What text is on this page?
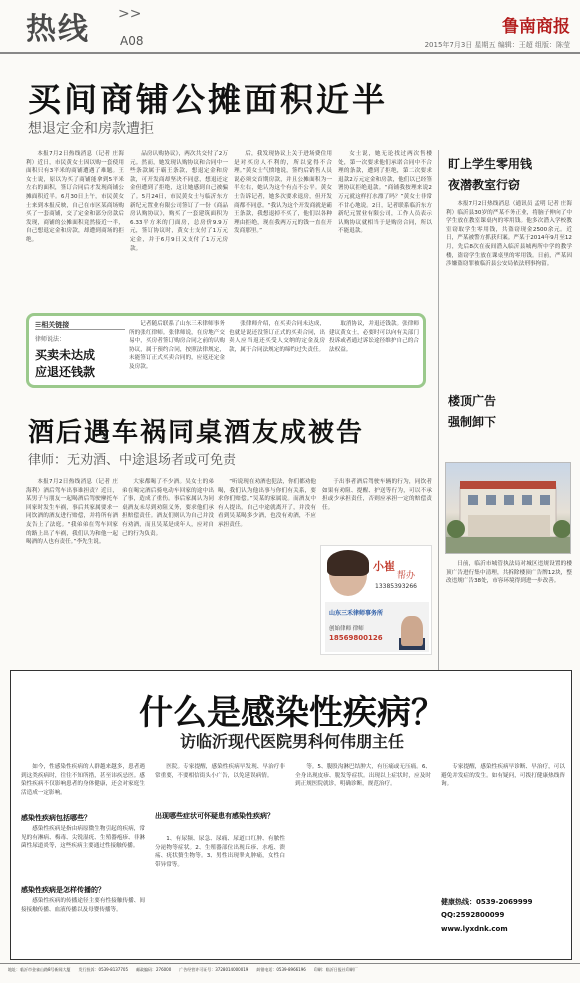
热线 >>
A08
鲁南商报
2015年7月3日 星期五 编辑：王超 组版：陈莹
买间商铺公摊面积近半
想退定金和房款遭拒

本报7月2日热线消息（记者 庄海利）近日，市民黄女士因以购一套使用面积只有3平米的商铺遭遇了难题。王女士说，原以为买了商铺能拿到5平米左右的面积，签订合同后才发现商铺公摊面积近半。6月30日上午，市民黄女士来到本报反映，自己在市区某商场购买了一套商铺，交了定金和部分房款后发现，商铺的公摊面积竟然接近一半，自己想退定金和房款，却遭到商场的拒绝。

品房认购协议》，两次共交付了2万元。然而，她发现认购协议和合同中一些条款属于霸王条款，想退定金和房款，可开发商却坚决不同意，想退还定金但遭到了拒绝，这让她感到自己被骗了。5月24日，市民黄女士与临沂东方新纪元置业有限公司签订了一份《商品房认购协议》，购买了一套建筑面积为6.33平方米的门面房，总房价9.9万元，签订协议时，黄女士支付了1万元定金，并于6月9日又支付了1万元房款。

后，我发现协议上关于进场费住用是对买房人不利的，所以觉得不合理。”黄女士气愤地说，签约后销售人员说必须交首期房款，并且公摊面积为一半左右，她认为这个有点不公平。黄女士告诉记者，她多次要求退房，但开发商都不同意。“我认为这个开发商就是霸王条款，我想退掉不买了，他们以各种理由拒绝，现在我两万元的钱一直在开发商那里。”

女士说，她无论找过两次售楼处，第一次要求他们承诺合同中不合理的条款，遭到了拒绝，第二次要求退款2万元定金和房款，他们以已经签署协议拒绝退款。“商铺我按理来说2万元就这样打水漂了吗？”黄女士非常不甘心地说。2日，记者联系临沂东方新纪元置业有限公司，工作人员表示认购协议就相当于是购房合同，所以不能退款。

☰相关链接
律师说法：
买卖未达成
应退还钱款

记者随后联系了山东三禾律师事务所的张红律师。张律师说，在房地产交易中，买房者签订购房合同之前的认购协议，属于预约合同，按照法律规定，未能签订正式买卖合同的，应返还定金及房款。

张律师介绍，在买卖合同未达成，也就是说还没签订正式的买卖合同，出卖人应当返还买受人交纳的定金及房款，属于合同法规定的缔约过失责任。

取消协议，并退还钱款。张律师建议黄女士，必要时可以向有关部门投诉或者通过诉讼途径维护自己的合法权益。

酒后遇车祸同桌酒友成被告
律师：无劝酒、中途退场者或可免责

本报7月2日热线消息（记者 庄海利）酒后驾车出事谁担责？近日，某男子与朋友一起喝酒后驾驶摩托车回家时发生车祸，事后其家属要求一同饮酒的酒友进行赔偿，并将所有酒友告上了法庭。“我弟弟在驾车回家的路上出了车祸，我们认为和他一起喝酒的人也有责任。”李先生说。

大家都喝了不少酒。吴女士的弟弟在喝完酒后骑电动车回家的途中出了事，造成了重伤。事后家属认为同桌酒友未尽到劝阻义务，要求他们承担赔偿责任。酒友们则认为自己并没有劝酒，而且吴某是成年人，应对自己的行为负责。

“听说现在劝酒也犯法，你们都劝他喝，我们认为他出事与你们有关系，要求你们赔偿。”吴某的家属说。而酒友中有人提出，自己中途就离开了，并没有看到吴某喝多少酒，也没有劝酒，不应承担责任。

于出事者酒后驾驶车辆的行为，同饮者如果有劝阻、提醒、护送等行为，可以不承担或少承担责任，否则应承担一定的赔偿责任。

小崔
帮办
13385393266
山东三禾律师事务所
创始律师 律师
18569800126
盯上学生零用钱
夜潜教室行窃

本报7月2日热线消息（通讯员 孟明 记者 庄海利）临沂县30岁的严某不务正业，将脑子伸向了中学生放在教室课桌内的零用钱。他多次潜入学校教室窃取学生零用钱，共盗窃现金2500余元。近日，严某被警方抓获归案。严某于2014年9月至12月，先后8次在夜间潜入临沂县城两所中学的教学楼，盗窃学生放在课桌里的零用钱。日前，严某因涉嫌盗窃罪被临沂县公安局依法刑事拘留。

楼顶广告
强制卸下

日前，临沂市城管执法局对城区违规设置的楼顶广告进行集中清理，共拆除楼顶广告牌12块，整改违规广告38处，市容环境得到进一步改善。

什么是感染性疾病？
访临沂现代医院男科何伟朋主任

如今，性感染性疾病的人群越来越多，患者遇到这类疾病时，往往不知所措，甚至讳疾忌医。感染性疾病不仅影响患者的身体健康，还会对家庭生活造成一定影响。

感染性疾病包括哪些？

感染性疾病是指由病原微生物引起的疾病，常见的有淋病、梅毒、尖锐湿疣、生殖器疱疹、非淋菌性尿道炎等，这些疾病主要通过性接触传播。

感染性疾病是怎样传播的？

感染性疾病的传播途径主要有性接触传播、间接接触传播、血液传播以及母婴传播等。

医院。专家提醒，感染性疾病早发现、早治疗非常重要，不要相信街头小广告，以免延误病情。

出现哪些症状可怀疑患有感染性疾病？

1、有尿频、尿急、尿痛、尿道口红肿、有脓性分泌物等症状。2、生殖器部位出现丘疹、水疱、溃疡、疣状赘生物等。3、男性出现睾丸肿痛，女性白带异常等。

等。5、腹股沟淋巴结肿大，有压痛或无压痛。6、全身出现皮疹、脱发等症状。出现以上症状时，应及时到正规医院就诊，明确诊断，规范治疗。

专家提醒，感染性疾病早诊断、早治疗，可以避免并发症的发生。如有疑问，可拨打健康热线咨询。

健康热线：0539-2069999
QQ:2592800099
www.lyxdnk.com
地址：临沂市金雀山路8号新闻大厦 发行投诉：0539-8137705 邮政编码：276000 广告经营许可证号：3728014000019 纠错电话：0539-8966196 印刷：临沂日报社印刷厂
